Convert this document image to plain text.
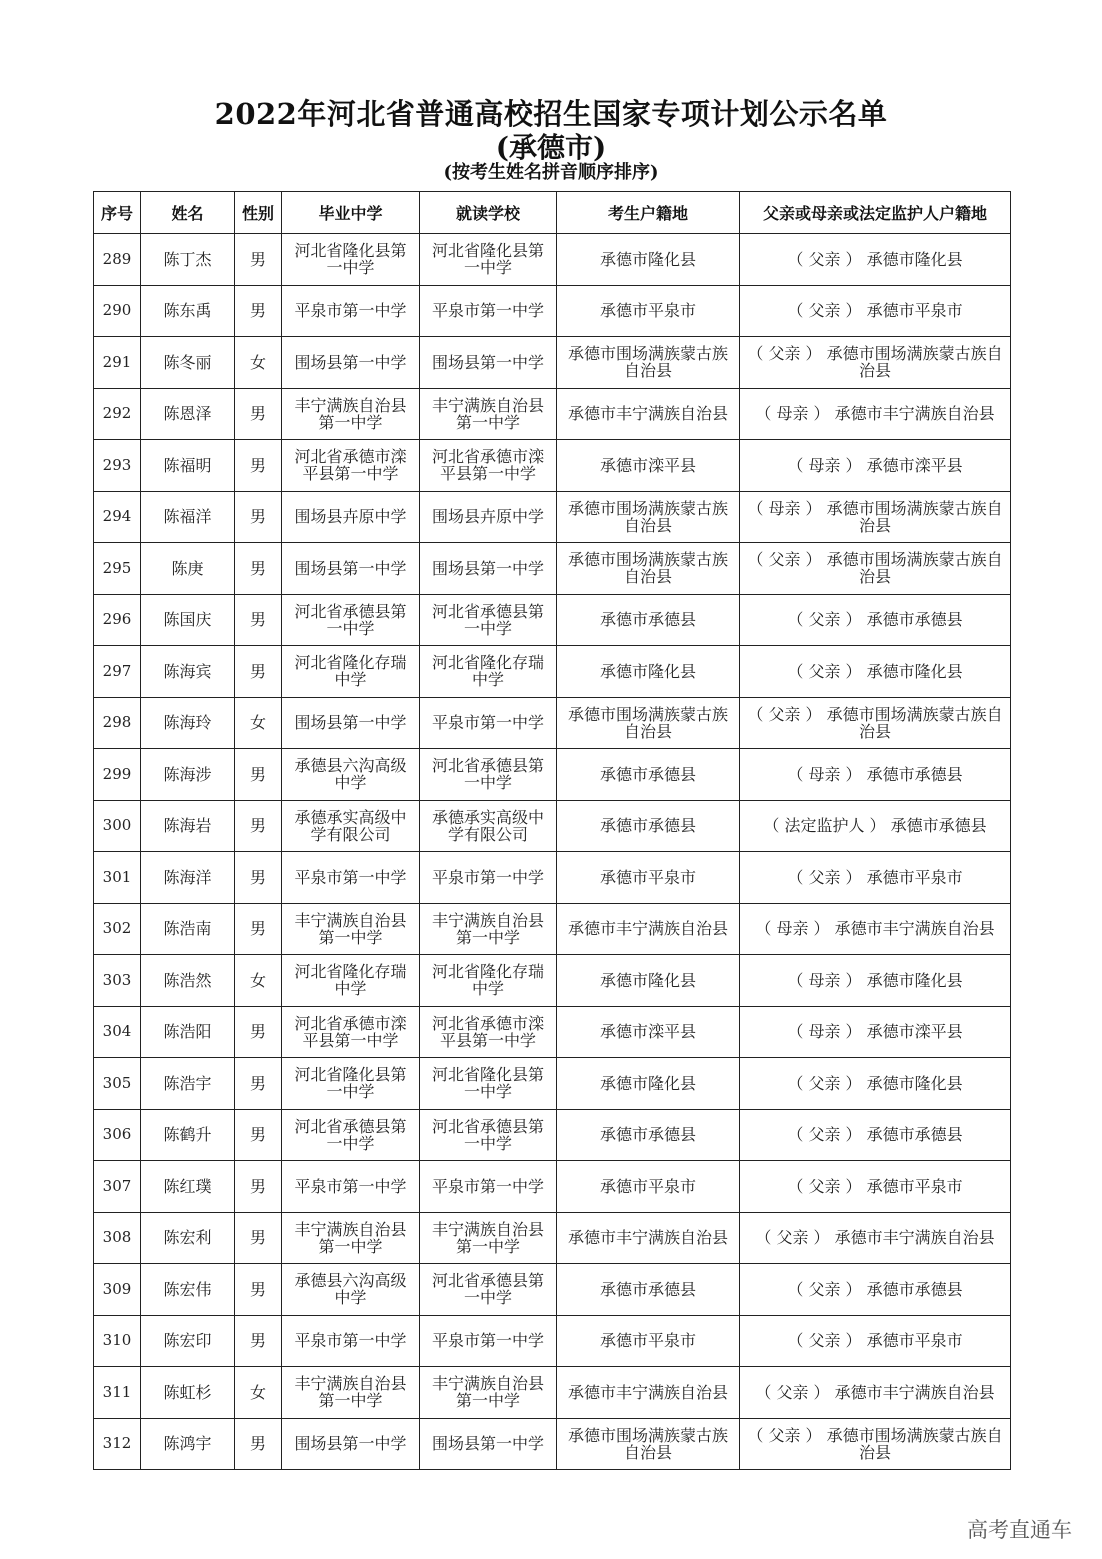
2022年河北省普通高校招生国家专项计划公示名单
(承德市)
(按考生姓名拼音顺序排序)
序号	姓名	性别	毕业中学	就读学校	考生户籍地	父亲或母亲或法定监护人户籍地
289	陈丁杰	男	河北省隆化县第一中学	河北省隆化县第一中学	承德市隆化县	（ 父亲 ） 承德市隆化县
290	陈东禹	男	平泉市第一中学	平泉市第一中学	承德市平泉市	（ 父亲 ） 承德市平泉市
291	陈冬丽	女	围场县第一中学	围场县第一中学	承德市围场满族蒙古族自治县	（ 父亲 ） 承德市围场满族蒙古族自治县
292	陈恩泽	男	丰宁满族自治县第一中学	丰宁满族自治县第一中学	承德市丰宁满族自治县	（ 母亲 ） 承德市丰宁满族自治县
293	陈福明	男	河北省承德市滦平县第一中学	河北省承德市滦平县第一中学	承德市滦平县	（ 母亲 ） 承德市滦平县
294	陈福洋	男	围场县卉原中学	围场县卉原中学	承德市围场满族蒙古族自治县	（ 母亲 ） 承德市围场满族蒙古族自治县
295	陈庚	男	围场县第一中学	围场县第一中学	承德市围场满族蒙古族自治县	（ 父亲 ） 承德市围场满族蒙古族自治县
296	陈国庆	男	河北省承德县第一中学	河北省承德县第一中学	承德市承德县	（ 父亲 ） 承德市承德县
297	陈海宾	男	河北省隆化存瑞中学	河北省隆化存瑞中学	承德市隆化县	（ 父亲 ） 承德市隆化县
298	陈海玲	女	围场县第一中学	平泉市第一中学	承德市围场满族蒙古族自治县	（ 父亲 ） 承德市围场满族蒙古族自治县
299	陈海涉	男	承德县六沟高级中学	河北省承德县第一中学	承德市承德县	（ 母亲 ） 承德市承德县
300	陈海岩	男	承德承实高级中学有限公司	承德承实高级中学有限公司	承德市承德县	（ 法定监护人 ） 承德市承德县
301	陈海洋	男	平泉市第一中学	平泉市第一中学	承德市平泉市	（ 父亲 ） 承德市平泉市
302	陈浩南	男	丰宁满族自治县第一中学	丰宁满族自治县第一中学	承德市丰宁满族自治县	（ 母亲 ） 承德市丰宁满族自治县
303	陈浩然	女	河北省隆化存瑞中学	河北省隆化存瑞中学	承德市隆化县	（ 母亲 ） 承德市隆化县
304	陈浩阳	男	河北省承德市滦平县第一中学	河北省承德市滦平县第一中学	承德市滦平县	（ 母亲 ） 承德市滦平县
305	陈浩宇	男	河北省隆化县第一中学	河北省隆化县第一中学	承德市隆化县	（ 父亲 ） 承德市隆化县
306	陈鹤升	男	河北省承德县第一中学	河北省承德县第一中学	承德市承德县	（ 父亲 ） 承德市承德县
307	陈红璞	男	平泉市第一中学	平泉市第一中学	承德市平泉市	（ 父亲 ） 承德市平泉市
308	陈宏利	男	丰宁满族自治县第一中学	丰宁满族自治县第一中学	承德市丰宁满族自治县	（ 父亲 ） 承德市丰宁满族自治县
309	陈宏伟	男	承德县六沟高级中学	河北省承德县第一中学	承德市承德县	（ 父亲 ） 承德市承德县
310	陈宏印	男	平泉市第一中学	平泉市第一中学	承德市平泉市	（ 父亲 ） 承德市平泉市
311	陈虹杉	女	丰宁满族自治县第一中学	丰宁满族自治县第一中学	承德市丰宁满族自治县	（ 父亲 ） 承德市丰宁满族自治县
312	陈鸿宇	男	围场县第一中学	围场县第一中学	承德市围场满族蒙古族自治县	（ 父亲 ） 承德市围场满族蒙古族自治县
高考直通车
